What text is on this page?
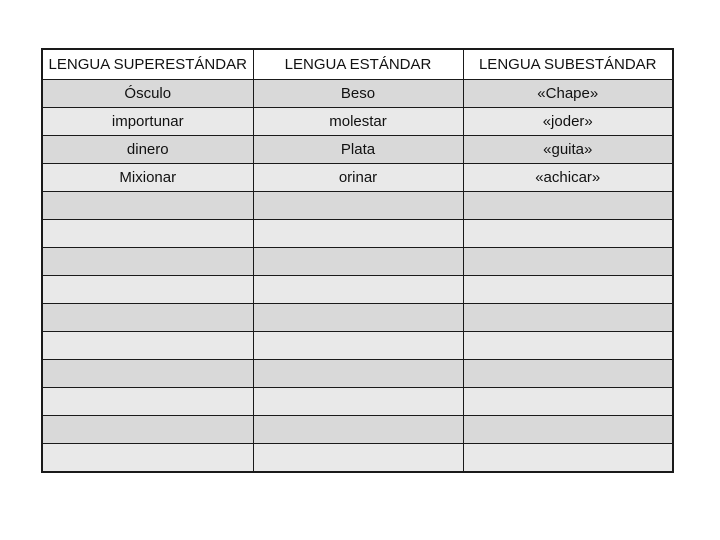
LENGUA SUPERESTÁNDAR	LENGUA ESTÁNDAR	LENGUA SUBESTÁNDAR
Ósculo	Beso	«Chape»
importunar	molestar	«joder»
dinero	Plata	«guita»
Mixionar	orinar	«achicar»
